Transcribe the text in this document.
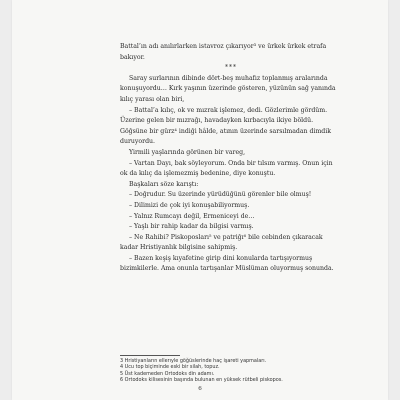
Battal’ın adı anılırlarken istavroz çıkarıyor³ ve ürkek ürkek etrafa bakıyor.

***

Saray surlarının dibinde dört-beş muhafız toplanmış aralarında konuşuyordu… Kırk yaşının üzerinde gösteren, yüzünün sağ yanında kılıç yarası olan biri,

– Battal’a kılıç, ok ve mızrak işlemez, dedi. Gözlerimle gördüm. Üzerine gelen bir mızrağı, havadayken kırbacıyla ikiye böldü. Göğsüne bir gürz⁴ indiği hâlde, atının üzerinde sarsılmadan dimdik duruyordu.

Yirmili yaşlarında görünen bir vareg,

– Vartan Dayı, bak söyleyorum. Onda bir tılsım varmış. Onun için ok da kılıç da işlemezmiş bedenine, diye konuştu.

Başkaları söze karıştı:

– Doğrudur. Su üzerinde yürüdüğünü görenler bile olmuş!

– Dilimizi de çok iyi konuşabiliyormuş.

– Yalnız Rumcayı değil, Ermeniceyi de…

– Yaşlı bir rahip kadar da bilgisi varmış.

– Ne Rahibi? Piskoposları⁵ ve patriğı⁶ bile cebinden çıkaracak kadar Hristiyanlık bilgisine sahipmiş.

– Bazen keşiş kıyafetine girip dini konularda tartışıyormuş bizimkilerle. Ama onunla tartışanlar Müslüman oluyormuş sonunda.

3 Hristiyanların ellerıyle göğüslerinde haç işareti yapmaları.

4 Ucu top biçiminde eski bir silah, topuz.

5 Üst kademeden Ortodoks din adamı.

6 Ortodoks kilisesinin başında bulunan en yüksek rütbeli piskopos.

6
